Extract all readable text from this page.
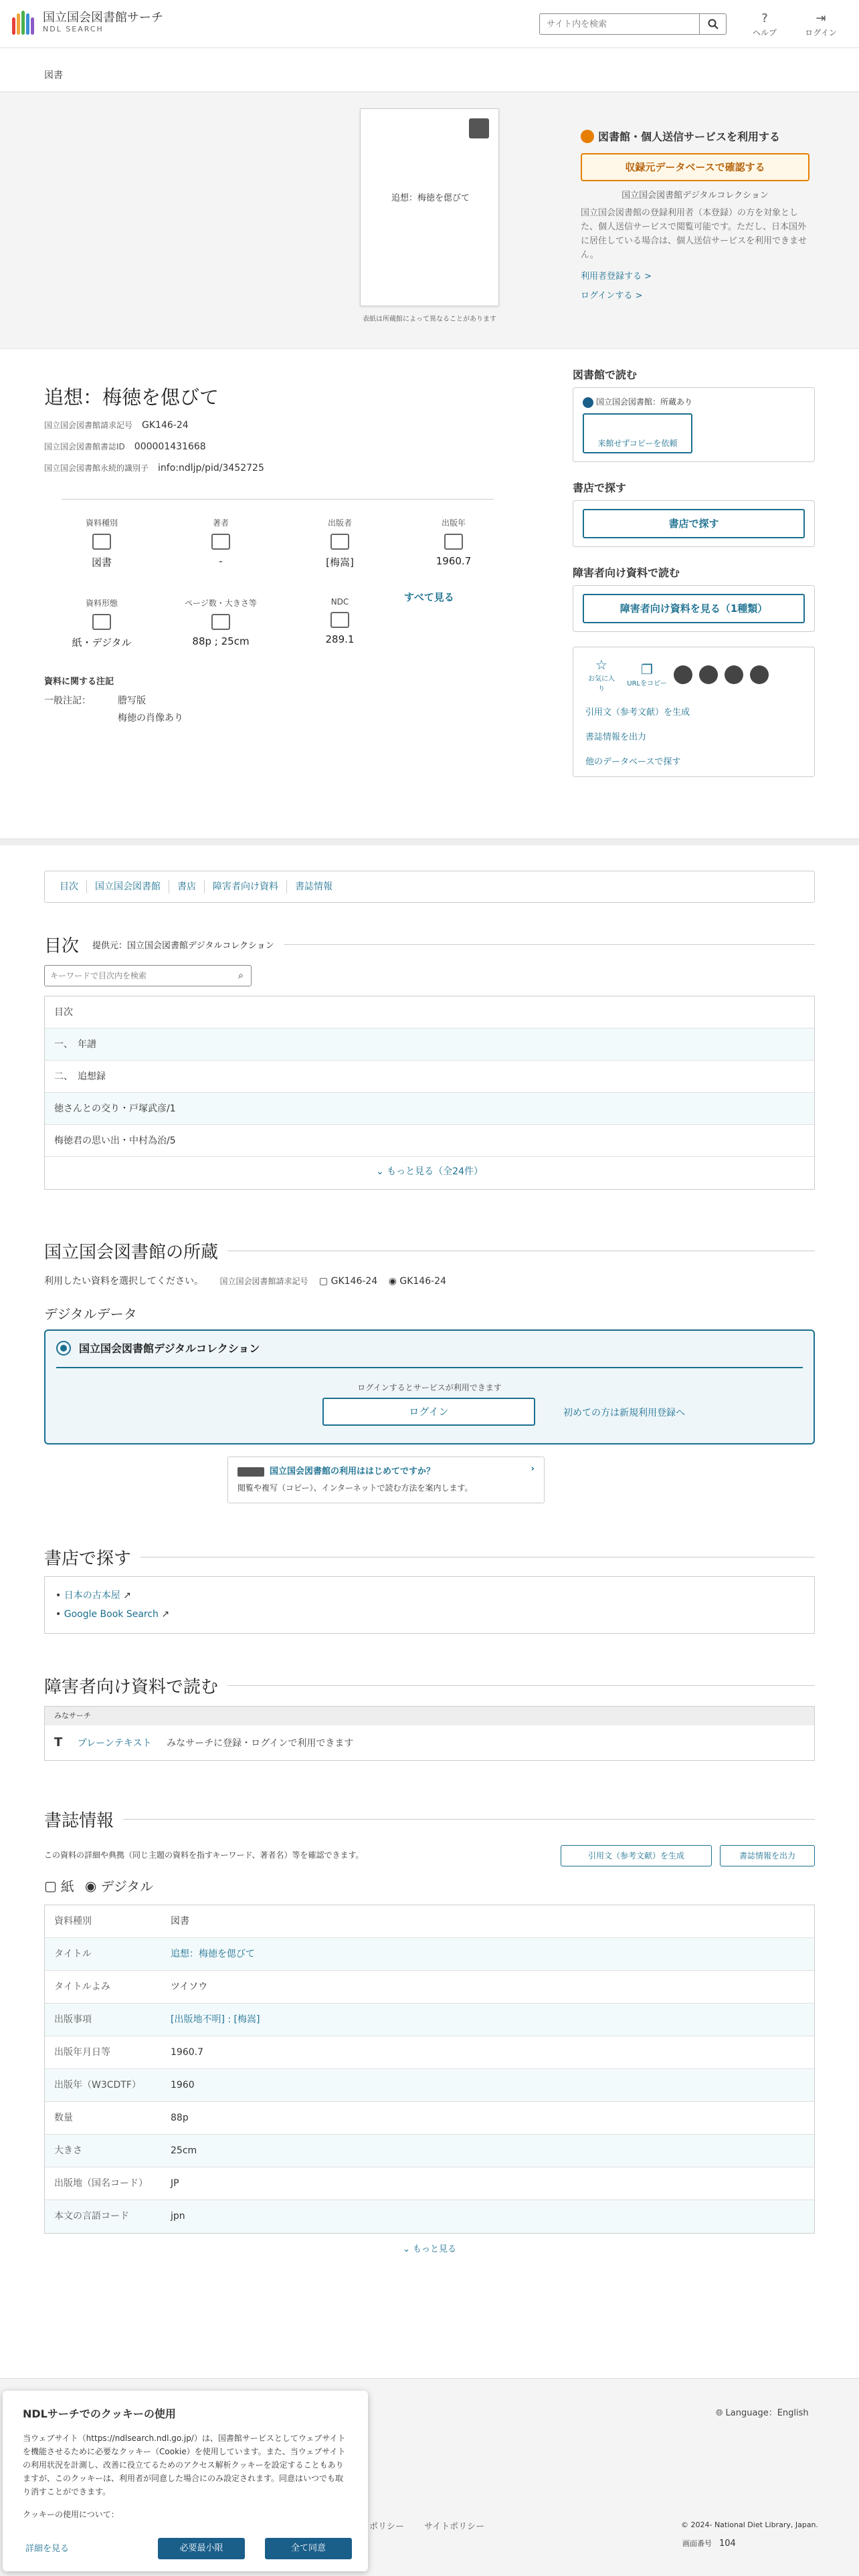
国立国会図書館サーチ
NDL SEARCH
サイト内を検索
?
ヘルプ
⇥
ログイン
図書
追想：梅徳を偲びて
表紙は所蔵館によって異なることがあります
図書館・個人送信サービスを利用する
収録元データベースで確認する
国立国会図書館デジタルコレクション
国立国会図書館の登録利用者（本登録）の方を対象とした、個人送信サービスで閲覧可能です。ただし、日本国外に居住している場合は、個人送信サービスを利用できません。
利用者登録する >
ログインする >
追想：梅徳を偲びて
国立国会図書館請求記号 GK146-24
国立国会図書館書誌ID 000001431668
国立国会図書館永続的識別子 info:ndljp/pid/3452725
資料種別
図書
著者
-
出版者
[梅嵩]
出版年
1960.7
資料形態
紙・デジタル
ページ数・大きさ等
88p ; 25cm
NDC
289.1
すべて見る
資料に関する注記
一般注記：	謄写版
梅徳の肖像あり
図書館で読む
国立国会図書館：所蔵あり
来館せずコピーを依頼
書店で探す
書店で探す
障害者向け資料で読む
障害者向け資料を見る（1種類）
☆
お気に入り
❐
URLをコピー
引用文（参考文献）を生成
書誌情報を出力
他のデータベースで探す
目次	国立国会図書館	書店	障害者向け資料	書誌情報
目次 提供元：国立国会図書館デジタルコレクション
キーワードで目次内を検索
⌕
目次
一、　年譜
二、　追想録
徳さんとの交り・戸塚武彦/1
梅徳君の思い出・中村為治/5
⌄ もっと見る（全24件）
国立国会図書館の所蔵
利用したい資料を選択してください。 国立国会図書館請求記号 ▢ GK146-24 ◉ GK146-24
デジタルデータ
国立国会図書館デジタルコレクション
ログインするとサービスが利用できます
ログイン	初めての方は新規利用登録へ
国立国会図書館の利用ははじめてですか？	›
閲覧や複写（コピー）、インターネットで読む方法を案内します。
書店で探す
• 日本の古本屋 ↗
• Google Book Search ↗
障害者向け資料で読む
みなサーチ
T プレーンテキスト みなサーチに登録・ログインで利用できます
書誌情報
この資料の詳細や典拠（同じ主題の資料を指すキーワード、著者名）等を確認できます。	引用文（参考文献）を生成	書誌情報を出力
▢ 紙 ◉ デジタル
資料種別	図書
タイトル	追想：梅徳を偲びて
タイトルよみ	ツイソウ
出版事項	[出版地不明] : [梅嵩]
出版年月日等	1960.7
出版年（W3CDTF）	1960
数量	88p
大きさ	25cm
出版地（国名コード）	JP
本文の言語コード	jpn
⌄ もっと見る
🌐︎ Language：English
ポリシー サイトポリシー	© 2024- National Diet Library, Japan.
画面番号　 104
NDLサーチでのクッキーの使用

当ウェブサイト（https://ndlsearch.ndl.go.jp/）は、国書館サービスとしてウェブサイトを機能させるために必要なクッキー（Cookie）を使用しています。また、当ウェブサイトの利用状況を計測し、改善に役立てるためのアクセス解析クッキーを設定することもありますが、このクッキーは、利用者が同意した場合にのみ設定されます。同意はいつでも取り消すことができます。

クッキーの使用について：

詳細を見る	必要最小限	全て同意
